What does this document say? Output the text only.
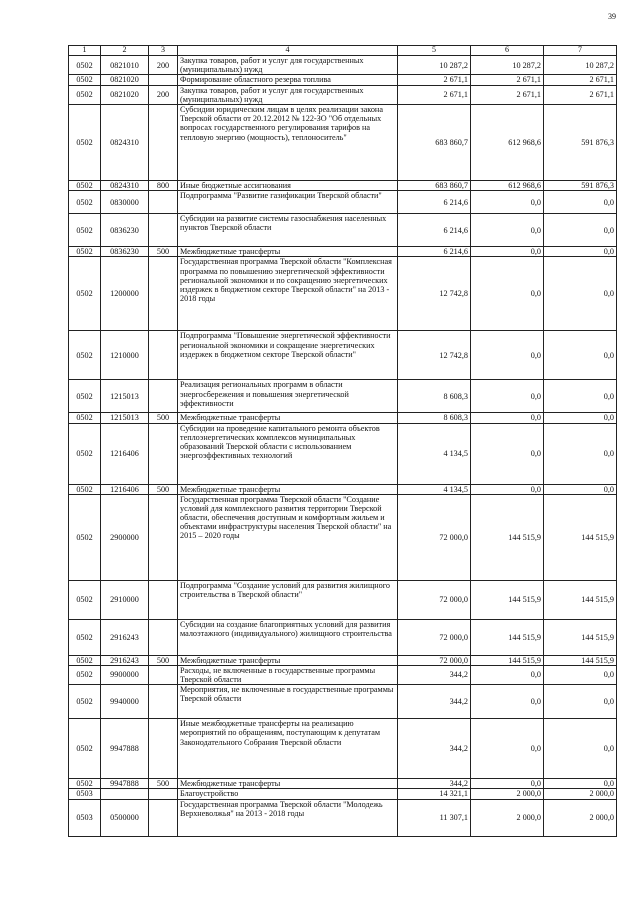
39
1	2	3	4	5	6	7
0502	0821010	200	Закупка товаров, работ и услуг для государственных (муниципальных) нужд	10 287,2	10 287,2	10 287,2
0502	0821020		Формирование областного резерва топлива	2 671,1	2 671,1	2 671,1
0502	0821020	200	Закупка товаров, работ и услуг для государственных (муниципальных) нужд	2 671,1	2 671,1	2 671,1
0502	0824310		Субсидии юридическим лицам в целях реализации закона Тверской области от 20.12.2012 № 122-ЗО "Об отдельных вопросах государственного регулирования тарифов на тепловую энергию (мощность), теплоноситель"	683 860,7	612 968,6	591 876,3
0502	0824310	800	Иные бюджетные ассигнования	683 860,7	612 968,6	591 876,3
0502	0830000		Подпрограмма "Развитие газификации Тверской области"	6 214,6	0,0	0,0
0502	0836230		Субсидии на развитие системы газоснабжения населенных пунктов Тверской области	6 214,6	0,0	0,0
0502	0836230	500	Межбюджетные трансферты	6 214,6	0,0	0,0
0502	1200000		Государственная программа Тверской области "Комплексная программа по повышению энергетической эффективности региональной экономики и по сокращению энергетических издержек в бюджетном секторе Тверской области" на 2013 - 2018 годы	12 742,8	0,0	0,0
0502	1210000		Подпрограмма "Повышение энергетической эффективности региональной экономики и сокращение энергетических издержек в бюджетном секторе Тверской области"	12 742,8	0,0	0,0
0502	1215013		Реализация региональных программ в области энергосбережения и повышения энергетической эффективности	8 608,3	0,0	0,0
0502	1215013	500	Межбюджетные трансферты	8 608,3	0,0	0,0
0502	1216406		Субсидии на проведение капитального ремонта объектов теплоэнергетических комплексов муниципальных образований Тверской области с использованием энергоэффективных технологий	4 134,5	0,0	0,0
0502	1216406	500	Межбюджетные трансферты	4 134,5	0,0	0,0
0502	2900000		Государственная программа Тверской области "Создание условий для комплексного развития территории Тверской области, обеспечения доступным и комфортным жильем и объектами инфраструктуры населения Тверской области" на 2015 – 2020 годы	72 000,0	144 515,9	144 515,9
0502	2910000		Подпрограмма "Создание условий для развития жилищного строительства в Тверской области"	72 000,0	144 515,9	144 515,9
0502	2916243		Субсидии на создание благоприятных условий для развития малоэтажного (индивидуального) жилищного строительства	72 000,0	144 515,9	144 515,9
0502	2916243	500	Межбюджетные трансферты	72 000,0	144 515,9	144 515,9
0502	9900000		Расходы, не включенные в государственные программы Тверской области	344,2	0,0	0,0
0502	9940000		Мероприятия, не включенные в государственные программы Тверской области	344,2	0,0	0,0
0502	9947888		Иные межбюджетные трансферты на реализацию мероприятий по обращениям, поступающим к депутатам Законодательного Собрания Тверской области	344,2	0,0	0,0
0502	9947888	500	Межбюджетные трансферты	344,2	0,0	0,0
0503			Благоустройство	14 321,1	2 000,0	2 000,0
0503	0500000		Государственная программа Тверской области "Молодежь Верхневолжья" на 2013 - 2018 годы	11 307,1	2 000,0	2 000,0
